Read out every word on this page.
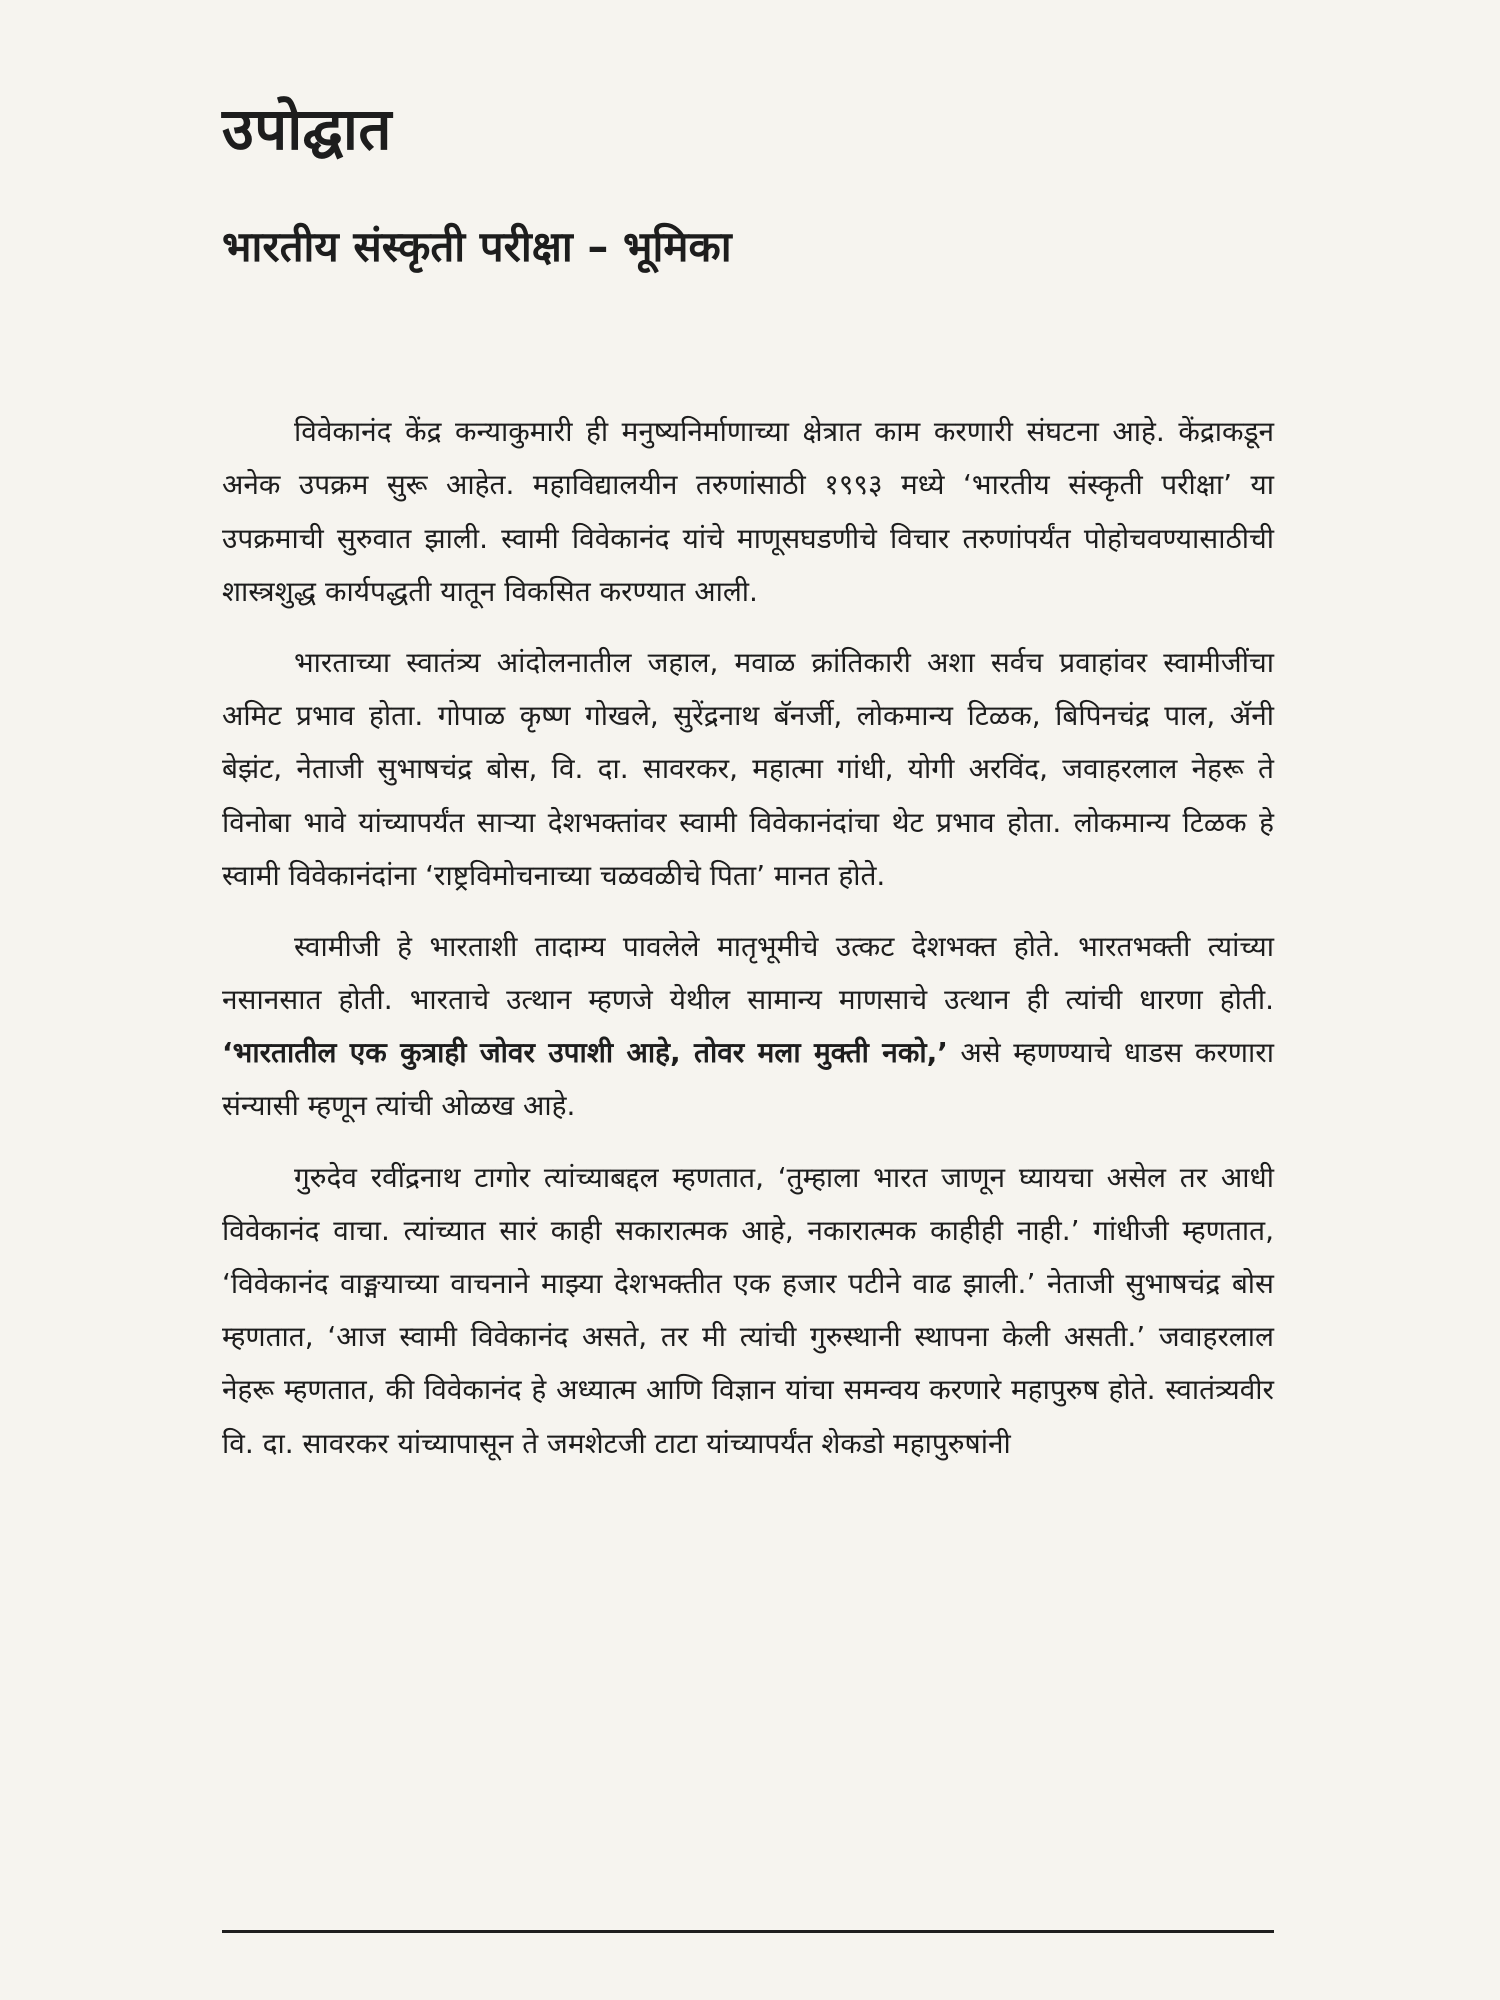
उपोद्घात
भारतीय संस्कृती परीक्षा – भूमिका

विवेकानंद केंद्र कन्याकुमारी ही मनुष्यनिर्माणाच्या क्षेत्रात काम करणारी संघटना आहे. केंद्राकडून अनेक उपक्रम सुरू आहेत. महाविद्यालयीन तरुणांसाठी १९९३ मध्ये ‘भारतीय संस्कृती परीक्षा’ या उपक्रमाची सुरुवात झाली. स्वामी विवेकानंद यांचे माणूसघडणीचे विचार तरुणांपर्यंत पोहोचवण्यासाठीची शास्त्रशुद्ध कार्यपद्धती यातून विकसित करण्यात आली.

भारताच्या स्वातंत्र्य आंदोलनातील जहाल, मवाळ क्रांतिकारी अशा सर्वच प्रवाहांवर स्वामीजींचा अमिट प्रभाव होता. गोपाळ कृष्ण गोखले, सुरेंद्रनाथ बॅनर्जी, लोकमान्य टिळक, बिपिनचंद्र पाल, ॲनी बेझंट, नेताजी सुभाषचंद्र बोस, वि. दा. सावरकर, महात्मा गांधी, योगी अरविंद, जवाहरलाल नेहरू ते विनोबा भावे यांच्यापर्यंत साऱ्या देशभक्तांवर स्वामी विवेकानंदांचा थेट प्रभाव होता. लोकमान्य टिळक हे स्वामी विवेकानंदांना ‘राष्ट्रविमोचनाच्या चळवळीचे पिता’ मानत होते.

स्वामीजी हे भारताशी तादाम्य पावलेले मातृभूमीचे उत्कट देशभक्त होते. भारतभक्ती त्यांच्या नसानसात होती. भारताचे उत्थान म्हणजे येथील सामान्य माणसाचे उत्थान ही त्यांची धारणा होती. ‘भारतातील एक कुत्राही जोवर उपाशी आहे, तोवर मला मुक्ती नको,’ असे म्हणण्याचे धाडस करणारा संन्यासी म्हणून त्यांची ओळख आहे.

गुरुदेव रवींद्रनाथ टागोर त्यांच्याबद्दल म्हणतात, ‘तुम्हाला भारत जाणून घ्यायचा असेल तर आधी विवेकानंद वाचा. त्यांच्यात सारं काही सकारात्मक आहे, नकारात्मक काहीही नाही.’ गांधीजी म्हणतात, ‘विवेकानंद वाङ्मयाच्या वाचनाने माझ्या देशभक्तीत एक हजार पटीने वाढ झाली.’ नेताजी सुभाषचंद्र बोस म्हणतात, ‘आज स्वामी विवेकानंद असते, तर मी त्यांची गुरुस्थानी स्थापना केली असती.’ जवाहरलाल नेहरू म्हणतात, की विवेकानंद हे अध्यात्म आणि विज्ञान यांचा समन्वय करणारे महापुरुष होते. स्वातंत्र्यवीर वि. दा. सावरकर यांच्यापासून ते जमशेटजी टाटा यांच्यापर्यंत शेकडो महापुरुषांनी
